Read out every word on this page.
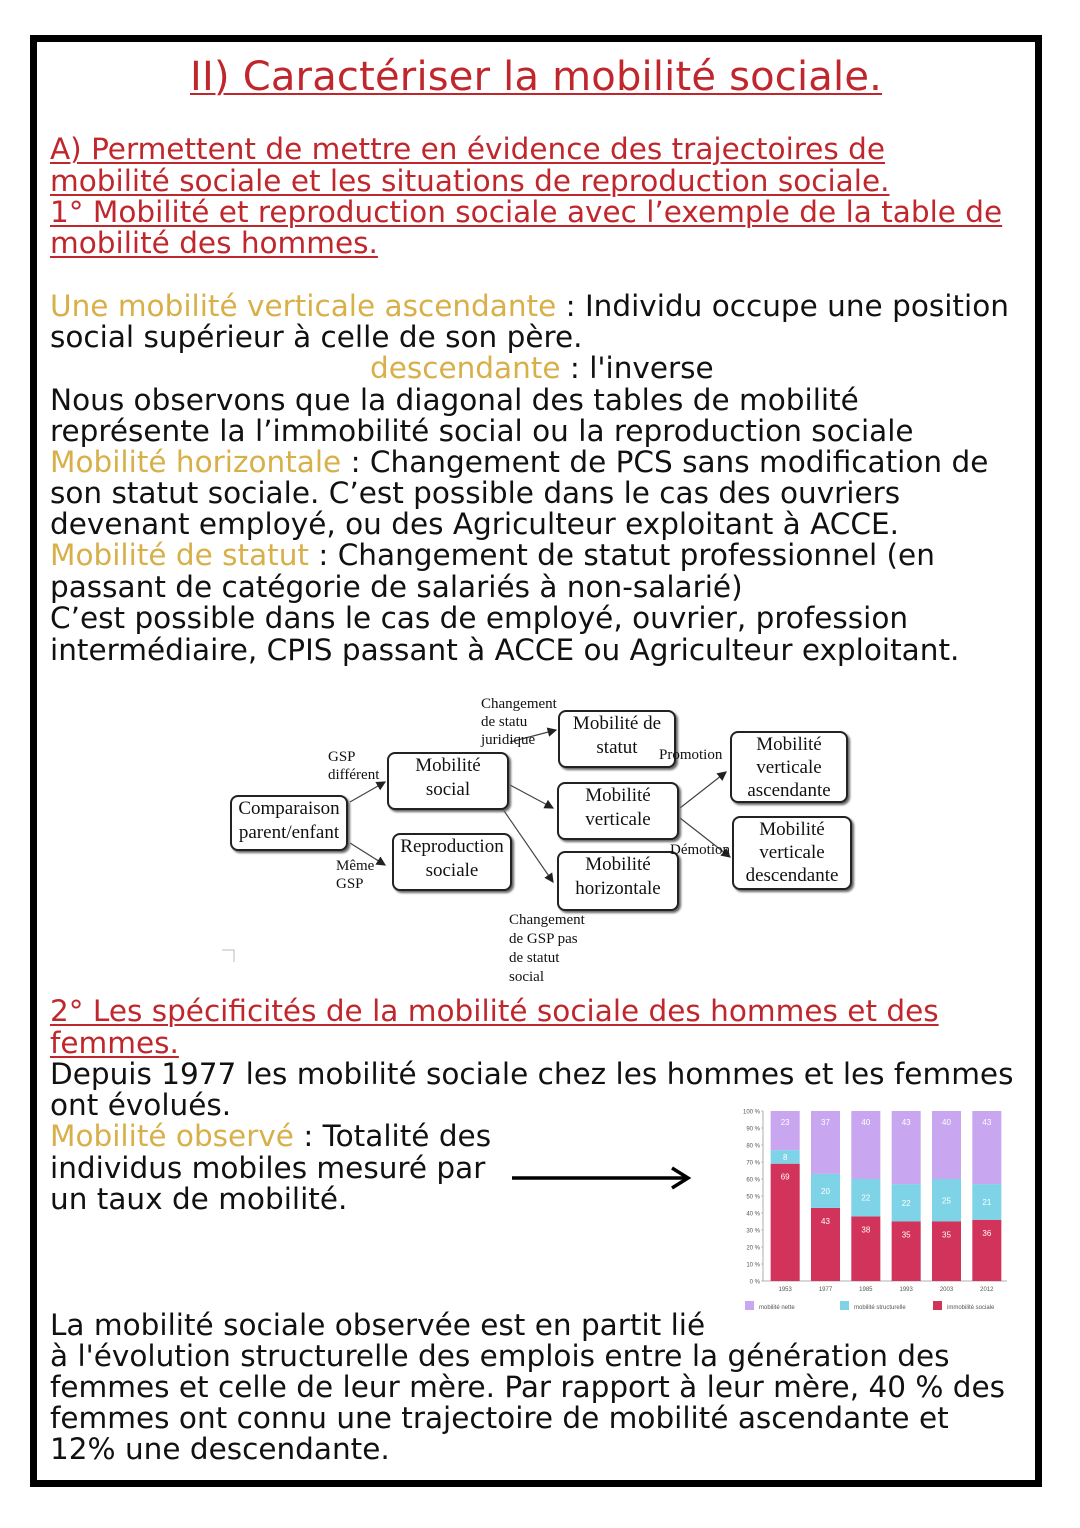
II) Caractériser la mobilité sociale.
A) Permettent de mettre en évidence des trajectoires de
mobilité sociale et les situations de reproduction sociale.
1° Mobilité et reproduction sociale avec l’exemple de la table de
mobilité des hommes.
Une mobilité verticale ascendante : Individu occupe une position
social supérieur à celle de son père.
descendante : l'inverse
Nous observons que la diagonal des tables de mobilité
représente la l’immobilité social ou la reproduction sociale
Mobilité horizontale : Changement de PCS sans modification de
son statut sociale. C’est possible dans le cas des ouvriers
devenant employé, ou des Agriculteur exploitant à ACCE.
Mobilité de statut : Changement de statut professionnel (en
passant de catégorie de salariés à non-salarié)
C’est possible dans le cas de employé, ouvrier, profession
intermédiaire, CPIS passant à ACCE ou Agriculteur exploitant.
Comparaison
parent/enfant
GSP
différent
Même
GSP
Mobilité
social
Reproduction
sociale
Changement
de statu
juridique
Mobilité de
statut
Mobilité
verticale
Mobilité
horizontale
Changement
de GSP pas
de statut
social
Promotion
Démotion
Mobilité
verticale
ascendante
Mobilité
verticale
descendante
2° Les spécificités de la mobilité sociale des hommes et des
femmes.
Depuis 1977 les mobilité sociale chez les hommes et les femmes
ont évolués.
Mobilité observé : Totalité des
individus mobiles mesuré par
un taux de mobilité.
0 %
10 %
20 %
30 %
40 %
50 %
60 %
70 %
80 %
90 %
100 %
69
8
23
1953
43
20
37
1977
38
22
40
1985
35
22
43
1993
35
25
40
2003
36
21
43
2012
mobilité nette	mobilité structurelle	immobilité sociale
La mobilité sociale observée est en partit lié
à l'évolution structurelle des emplois entre la génération des
femmes et celle de leur mère. Par rapport à leur mère, 40 % des
femmes ont connu une trajectoire de mobilité ascendante et
12% une descendante.
